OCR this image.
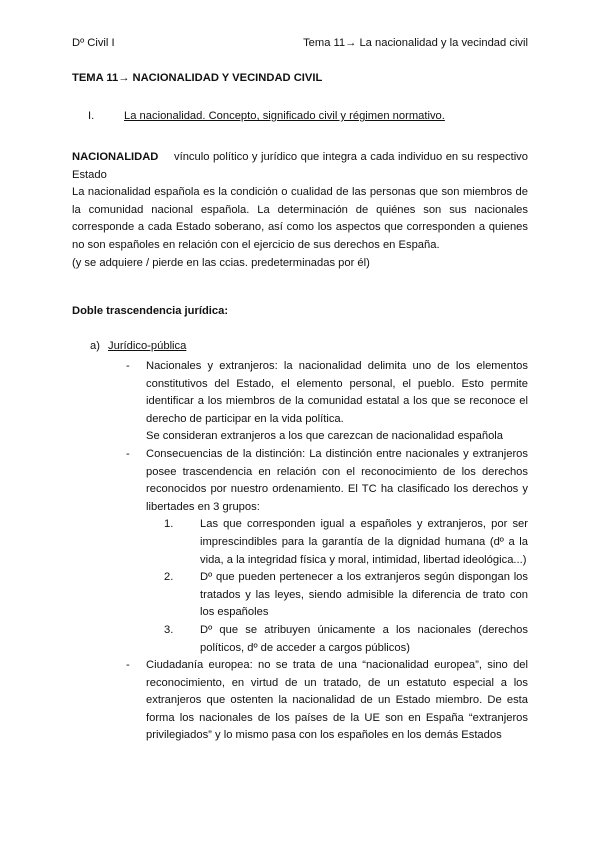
Dº Civil I	Tema 11→ La nacionalidad y la vecindad civil
TEMA 11→ NACIONALIDAD Y VECINDAD CIVIL
I.	La nacionalidad. Concepto, significado civil y régimen normativo.

NACIONALIDAD vínculo político y jurídico que integra a cada individuo en su respectivo Estado

La nacionalidad española es la condición o cualidad de las personas que son miembros de la comunidad nacional española. La determinación de quiénes son sus nacionales corresponde a cada Estado soberano, así como los aspectos que corresponden a quienes no son españoles en relación con el ejercicio de sus derechos en España.

(y se adquiere / pierde en las ccias. predeterminadas por él)

Doble trascendencia jurídica:
a) Jurídico-pública
- Nacionales y extranjeros: la nacionalidad delimita uno de los elementos constitutivos del Estado, el elemento personal, el pueblo. Esto permite identificar a los miembros de la comunidad estatal a los que se reconoce el derecho de participar en la vida política.

Se consideran extranjeros a los que carezcan de nacionalidad española

- Consecuencias de la distinción: La distinción entre nacionales y extranjeros posee trascendencia en relación con el reconocimiento de los derechos reconocidos por nuestro ordenamiento. El TC ha clasificado los derechos y libertades en 3 grupos:

1. Las que corresponden igual a españoles y extranjeros, por ser imprescindibles para la garantía de la dignidad humana (dº a la vida, a la integridad física y moral, intimidad, libertad ideológica...)
2. Dº que pueden pertenecer a los extranjeros según dispongan los tratados y las leyes, siendo admisible la diferencia de trato con los españoles
3. Dº que se atribuyen únicamente a los nacionales (derechos políticos, dº de acceder a cargos públicos)
- Ciudadanía europea: no se trata de una “nacionalidad europea”, sino del reconocimiento, en virtud de un tratado, de un estatuto especial a los extranjeros que ostenten la nacionalidad de un Estado miembro. De esta forma los nacionales de los países de la UE son en España “extranjeros privilegiados” y lo mismo pasa con los españoles en los demás Estados
